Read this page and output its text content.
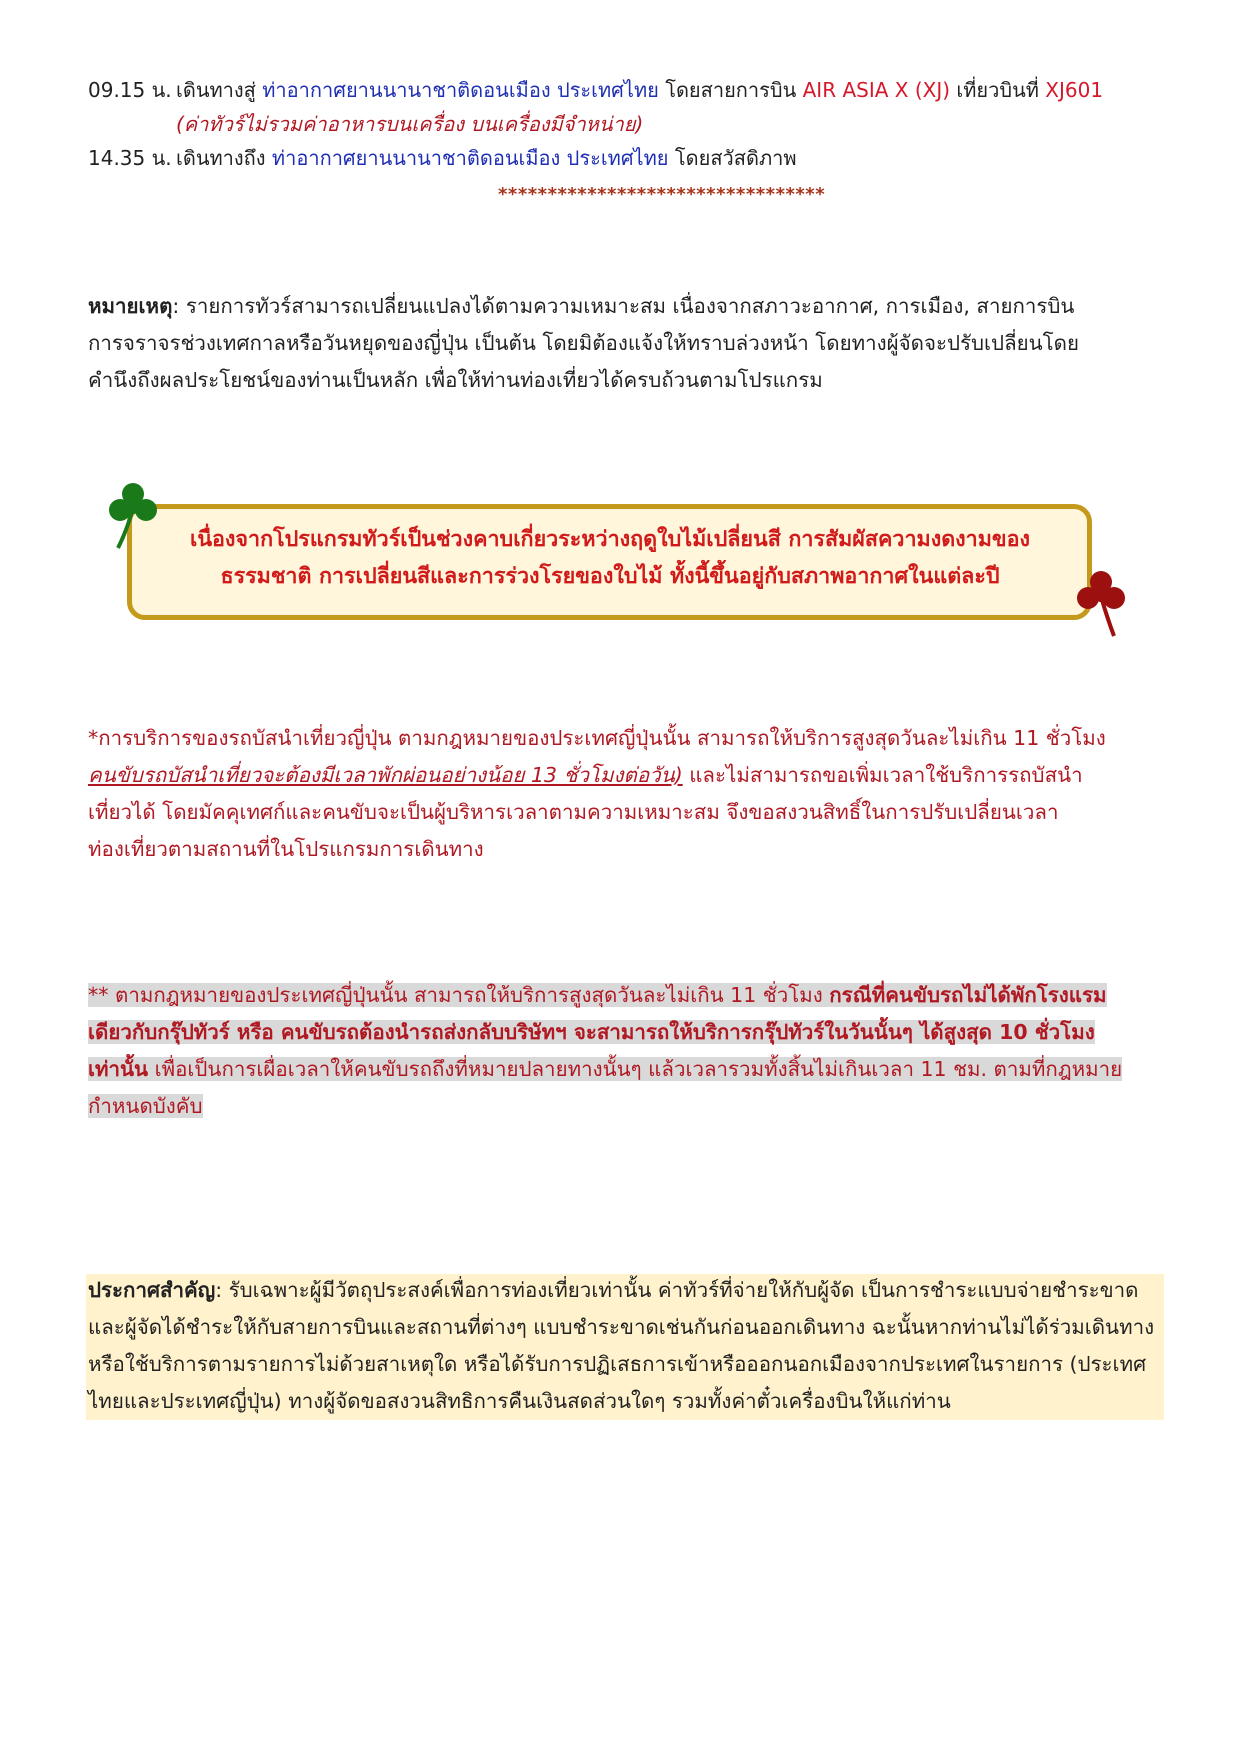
09.15 น. เดินทางสู่ ท่าอากาศยานนานาชาติดอนเมือง ประเทศไทย โดยสายการบิน AIR ASIA X (XJ) เที่ยวบินที่ XJ601
(ค่าทัวร์ไม่รวมค่าอาหารบนเครื่อง บนเครื่องมีจำหน่าย)
14.35 น. เดินทางถึง ท่าอากาศยานนานาชาติดอนเมือง ประเทศไทย โดยสวัสดิภาพ
*********************************

หมายเหตุ: รายการทัวร์สามารถเปลี่ยนแปลงได้ตามความเหมาะสม เนื่องจากสภาวะอากาศ, การเมือง, สายการบิน

การจราจรช่วงเทศกาลหรือวันหยุดของญี่ปุ่น เป็นต้น โดยมิต้องแจ้งให้ทราบล่วงหน้า โดยทางผู้จัดจะปรับเปลี่ยนโดย

คำนึงถึงผลประโยชน์ของท่านเป็นหลัก เพื่อให้ท่านท่องเที่ยวได้ครบถ้วนตามโปรแกรม

เนื่องจากโปรแกรมทัวร์เป็นช่วงคาบเกี่ยวระหว่างฤดูใบไม้เปลี่ยนสี การสัมผัสความงดงามของ
ธรรมชาติ การเปลี่ยนสีและการร่วงโรยของใบไม้ ทั้งนี้ขึ้นอยู่กับสภาพอากาศในแต่ละปี

*การบริการของรถบัสนำเที่ยวญี่ปุ่น ตามกฎหมายของประเทศญี่ปุ่นนั้น สามารถให้บริการสูงสุดวันละไม่เกิน 11 ชั่วโมง

คนขับรถบัสนำเที่ยวจะต้องมีเวลาพักผ่อนอย่างน้อย 13 ชั่วโมงต่อวัน) และไม่สามารถขอเพิ่มเวลาใช้บริการรถบัสนำ

เที่ยวได้ โดยมัคคุเทศก์และคนขับจะเป็นผู้บริหารเวลาตามความเหมาะสม จึงขอสงวนสิทธิ์ในการปรับเปลี่ยนเวลา

ท่องเที่ยวตามสถานที่ในโปรแกรมการเดินทาง

** ตามกฎหมายของประเทศญี่ปุ่นนั้น สามารถให้บริการสูงสุดวันละไม่เกิน 11 ชั่วโมง กรณีที่คนขับรถไม่ได้พักโรงแรม

เดียวกับกรุ๊ปทัวร์ หรือ คนขับรถต้องนำรถส่งกลับบริษัทฯ จะสามารถให้บริการกรุ๊ปทัวร์ในวันนั้นๆ ได้สูงสุด 10 ชั่วโมง

เท่านั้น เพื่อเป็นการเผื่อเวลาให้คนขับรถถึงที่หมายปลายทางนั้นๆ แล้วเวลารวมทั้งสิ้นไม่เกินเวลา 11 ชม. ตามที่กฎหมาย

กำหนดบังคับ

ประกาศสำคัญ: รับเฉพาะผู้มีวัตถุประสงค์เพื่อการท่องเที่ยวเท่านั้น ค่าทัวร์ที่จ่ายให้กับผู้จัด เป็นการชำระแบบจ่ายชำระขาด

และผู้จัดได้ชำระให้กับสายการบินและสถานที่ต่างๆ แบบชำระขาดเช่นกันก่อนออกเดินทาง ฉะนั้นหากท่านไม่ได้ร่วมเดินทาง

หรือใช้บริการตามรายการไม่ด้วยสาเหตุใด หรือได้รับการปฏิเสธการเข้าหรือออกนอกเมืองจากประเทศในรายการ (ประเทศ

ไทยและประเทศญี่ปุ่น) ทางผู้จัดขอสงวนสิทธิการคืนเงินสดส่วนใดๆ รวมทั้งค่าตั๋วเครื่องบินให้แก่ท่าน
